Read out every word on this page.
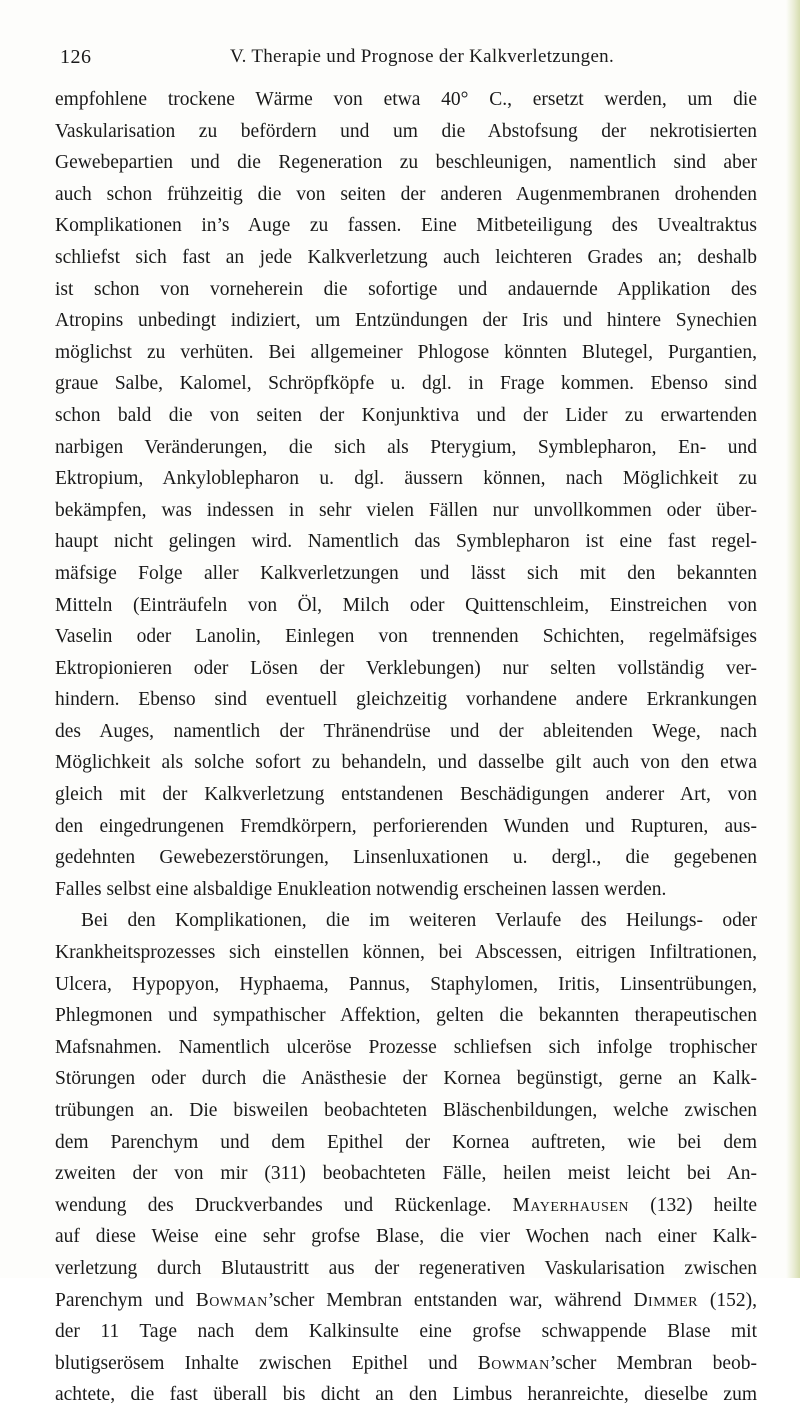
126	V. Therapie und Prognose der Kalkverletzungen.
empfohlene trockene Wärme von etwa 40° C., ersetzt werden, um die
Vaskularisation zu befördern und um die Abstofsung der nekrotisierten
Gewebepartien und die Regeneration zu beschleunigen, namentlich sind aber
auch schon frühzeitig die von seiten der anderen Augenmembranen drohenden
Komplikationen in’s Auge zu fassen. Eine Mitbeteiligung des Uvealtraktus
schliefst sich fast an jede Kalkverletzung auch leichteren Grades an; deshalb
ist schon von vorneherein die sofortige und andauernde Applikation des
Atropins unbedingt indiziert, um Entzündungen der Iris und hintere Synechien
möglichst zu verhüten. Bei allgemeiner Phlogose könnten Blutegel, Purgantien,
graue Salbe, Kalomel, Schröpfköpfe u. dgl. in Frage kommen. Ebenso sind
schon bald die von seiten der Konjunktiva und der Lider zu erwartenden
narbigen Veränderungen, die sich als Pterygium, Symblepharon, En- und
Ektropium, Ankyloblepharon u. dgl. äussern können, nach Möglichkeit zu
bekämpfen, was indessen in sehr vielen Fällen nur unvollkommen oder über-
haupt nicht gelingen wird. Namentlich das Symblepharon ist eine fast regel-
mäfsige Folge aller Kalkverletzungen und lässt sich mit den bekannten
Mitteln (Einträufeln von Öl, Milch oder Quittenschleim, Einstreichen von
Vaselin oder Lanolin, Einlegen von trennenden Schichten, regelmäfsiges
Ektropionieren oder Lösen der Verklebungen) nur selten vollständig ver-
hindern. Ebenso sind eventuell gleichzeitig vorhandene andere Erkrankungen
des Auges, namentlich der Thränendrüse und der ableitenden Wege, nach
Möglichkeit als solche sofort zu behandeln, und dasselbe gilt auch von den etwa
gleich mit der Kalkverletzung entstandenen Beschädigungen anderer Art, von
den eingedrungenen Fremdkörpern, perforierenden Wunden und Rupturen, aus-
gedehnten Gewebezerstörungen, Linsenluxationen u. dergl., die gegebenen
Falles selbst eine alsbaldige Enukleation notwendig erscheinen lassen werden.
Bei den Komplikationen, die im weiteren Verlaufe des Heilungs- oder
Krankheitsprozesses sich einstellen können, bei Abscessen, eitrigen Infiltrationen,
Ulcera, Hypopyon, Hyphaema, Pannus, Staphylomen, Iritis, Linsentrübungen,
Phlegmonen und sympathischer Affektion, gelten die bekannten therapeutischen
Mafsnahmen. Namentlich ulceröse Prozesse schliefsen sich infolge trophischer
Störungen oder durch die Anästhesie der Kornea begünstigt, gerne an Kalk-
trübungen an. Die bisweilen beobachteten Bläschenbildungen, welche zwischen
dem Parenchym und dem Epithel der Kornea auftreten, wie bei dem
zweiten der von mir (311) beobachteten Fälle, heilen meist leicht bei An-
wendung des Druckverbandes und Rückenlage. Mayerhausen (132) heilte
auf diese Weise eine sehr grofse Blase, die vier Wochen nach einer Kalk-
verletzung durch Blutaustritt aus der regenerativen Vaskularisation zwischen
Parenchym und Bowman’scher Membran entstanden war, während Dimmer (152),
der 11 Tage nach dem Kalkinsulte eine grofse schwappende Blase mit
blutigserösem Inhalte zwischen Epithel und Bowman’scher Membran beob-
achtete, die fast überall bis dicht an den Limbus heranreichte, dieselbe zum
